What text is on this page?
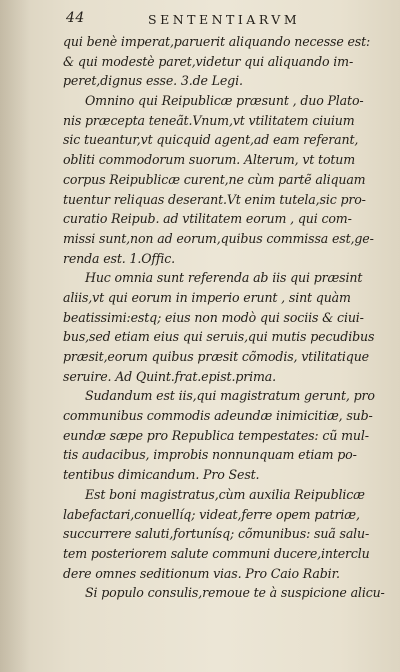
44	SENTENTIARVM
qui benè imperat,paruerit aliquando necesse est:
& qui modestè paret,videtur qui aliquando im-
peret,dignus esse. 3.de Legi.
Omnino qui Reipublicæ præsunt , duo Plato-
nis præcepta teneãt.Vnum,vt vtilitatem ciuium
sic tueantur,vt quicquid agent,ad eam referant,
obliti commodorum suorum. Alterum, vt totum
corpus Reipublicæ curent,ne cùm partẽ aliquam
tuentur reliquas deserant.Vt enim tutela,sic pro-
curatio Reipub. ad vtilitatem eorum , qui com-
missi sunt,non ad eorum,quibus commissa est,ge-
renda est. 1.Offic.
Huc omnia sunt referenda ab iis qui præsint
aliis,vt qui eorum in imperio erunt , sint quàm
beatissimi:estq; eius non modò qui sociis & ciui-
bus,sed etiam eius qui seruis,qui mutis pecudibus
præsit,eorum quibus præsit cõmodis, vtilitatique
seruire. Ad Quint.frat.epist.prima.
Sudandum est iis,qui magistratum gerunt, pro
communibus commodis adeundæ inimicitiæ, sub-
eundæ sæpe pro Republica tempestates: cũ mul-
tis audacibus, improbis nonnunquam etiam po-
tentibus dimicandum. Pro Sest.
Est boni magistratus,cùm auxilia Reipublicæ
labefactari,conuellíq; videat,ferre opem patriæ,
succurrere saluti,fortunísq; cõmunibus: suã salu-
tem posteriorem salute communi ducere,interclu
dere omnes seditionum vias. Pro Caio Rabir.
Si populo consulis,remoue te à suspicione alicu-
